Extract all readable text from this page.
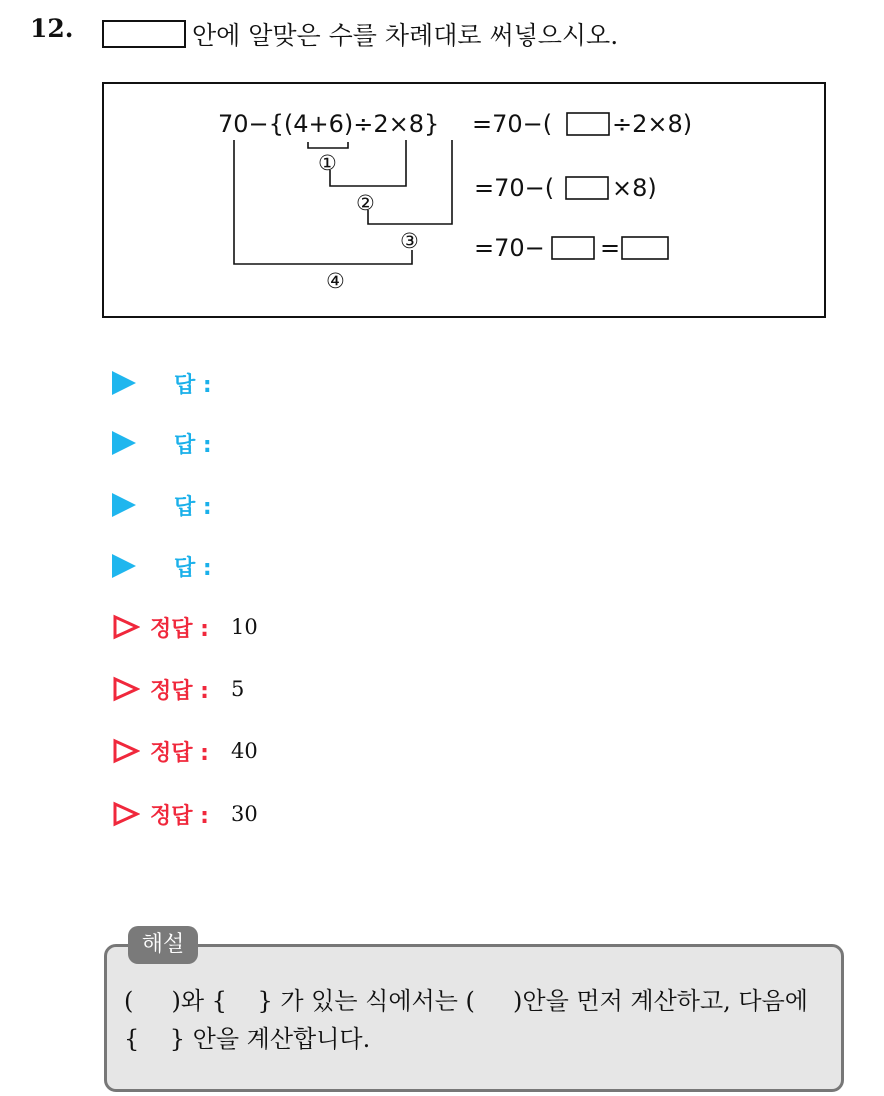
12.	안에 알맞은 수를 차례대로 써넣으시오.
70−{(4+6)÷2×8} =70−( ÷2×8)
=70−( ×8)
=70− =
①
②
③
④
답 :
답 :
답 :
답 :
정답 : 10
정답 : 5
정답 : 40
정답 : 30
해설
(     )와 {    } 가 있는 식에서는 (     )안을 먼저 계산하고, 다음에
{    } 안을 계산합니다.
